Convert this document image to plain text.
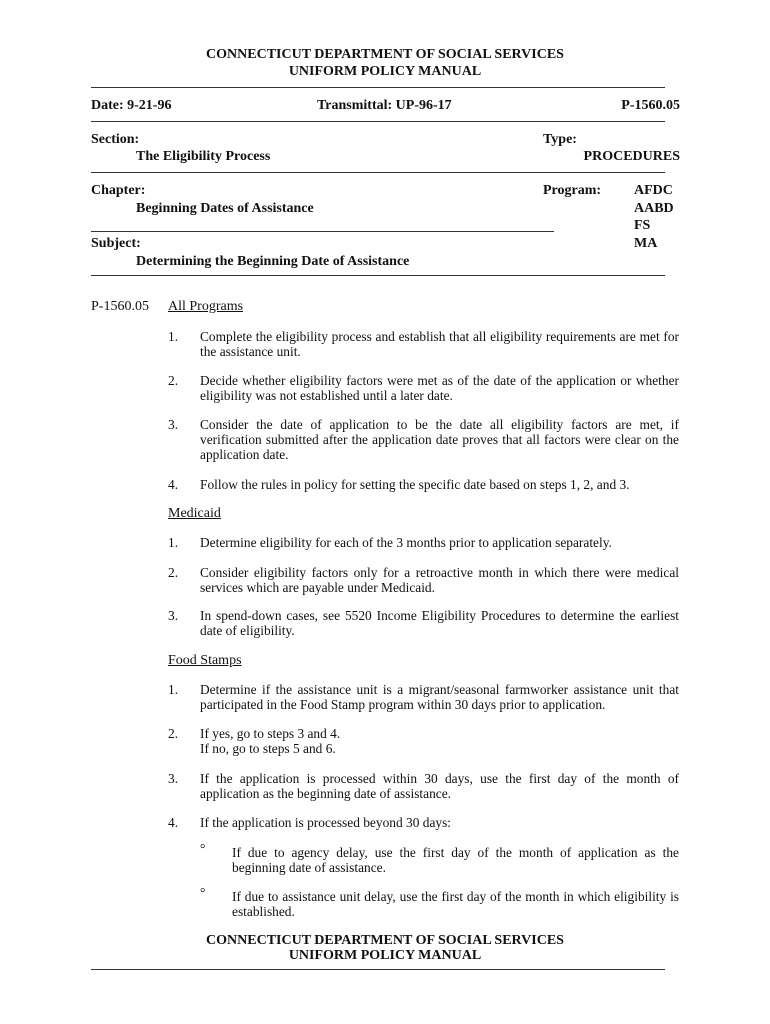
CONNECTICUT DEPARTMENT OF SOCIAL SERVICES
UNIFORM POLICY MANUAL
Date: 9-21-96	Transmittal: UP-96-17	P-1560.05
Section:
The Eligibility Process
Type:
PROCEDURES
Chapter:
Beginning Dates of Assistance
Program: AFDC
AABD
FS
MA
Subject:
Determining the Beginning Date of Assistance
P-1560.05 All Programs
1. Complete the eligibility process and establish that all eligibility requirements are met for the assistance unit.
2. Decide whether eligibility factors were met as of the date of the application or whether eligibility was not established until a later date.
3. Consider the date of application to be the date all eligibility factors are met, if verification submitted after the application date proves that all factors were clear on the application date.
4. Follow the rules in policy for setting the specific date based on steps 1, 2, and 3.
Medicaid
1. Determine eligibility for each of the 3 months prior to application separately.
2. Consider eligibility factors only for a retroactive month in which there were medical services which are payable under Medicaid.
3. In spend-down cases, see 5520 Income Eligibility Procedures to determine the earliest date of eligibility.
Food Stamps
1. Determine if the assistance unit is a migrant/seasonal farmworker assistance unit that participated in the Food Stamp program within 30 days prior to application.
2. If yes, go to steps 3 and 4.
If no, go to steps 5 and 6.
3. If the application is processed within 30 days, use the first day of the month of application as the beginning date of assistance.
4. If the application is processed beyond 30 days:
° If due to agency delay, use the first day of the month of application as the beginning date of assistance.
° If due to assistance unit delay, use the first day of the month in which eligibility is established.
CONNECTICUT DEPARTMENT OF SOCIAL SERVICES
UNIFORM POLICY MANUAL
